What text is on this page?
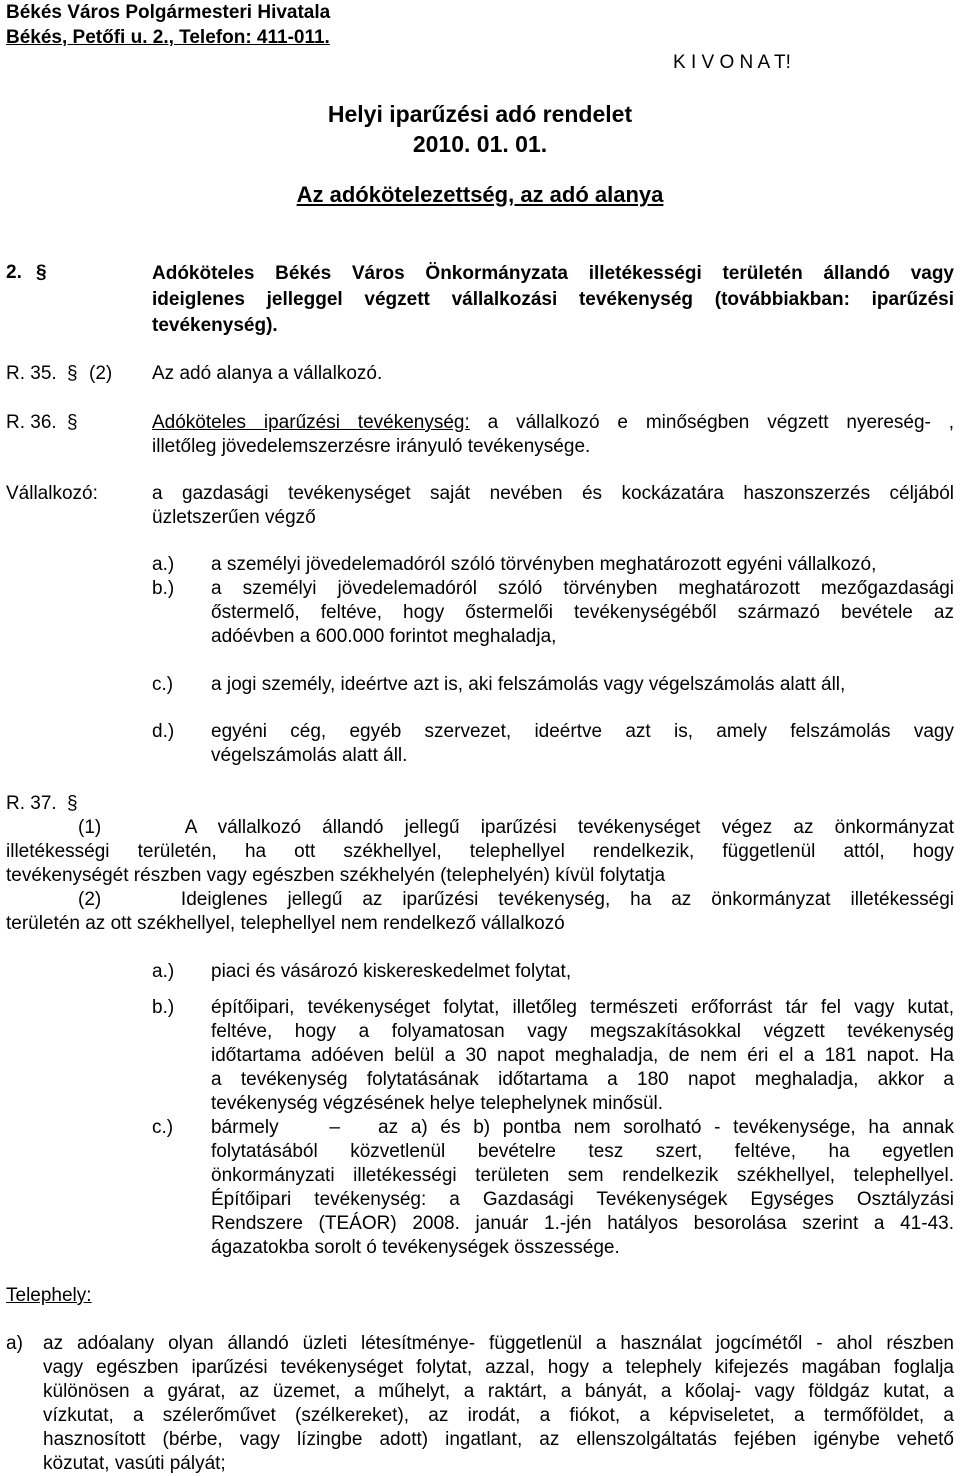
Békés Város Polgármesteri Hivatala
Békés, Petőfi u. 2., Telefon: 411-011.
K I V O N A T!
Helyi iparűzési adó rendelet
2010. 01. 01.
Az adókötelezettség, az adó alanya
2. §	Adóköteles Békés Város Önkormányzata illetékességi területén állandó vagy
ideiglenes jelleggel végzett vállalkozási tevékenység (továbbiakban: iparűzési
tevékenység).
R. 35. § (2) Az adó alanya a vállalkozó.
R. 36. §	Adóköteles iparűzési tevékenység: a vállalkozó e minőségben végzett nyereség- ,
illetőleg jövedelemszerzésre irányuló tevékenysége.
Vállalkozó:	a gazdasági tevékenységet saját nevében és kockázatára haszonszerzés céljából
üzletszerűen végző
a.) a személyi jövedelemadóról szóló törvényben meghatározott egyéni vállalkozó,
b.) a személyi jövedelemadóról szóló törvényben meghatározott mezőgazdasági
őstermelő, feltéve, hogy őstermelői tevékenységéből származó bevétele az
adóévben a 600.000 forintot meghaladja,
c.) a jogi személy, ideértve azt is, aki felszámolás vagy végelszámolás alatt áll,
d.) egyéni cég, egyéb szervezet, ideértve azt is, amely felszámolás vagy
végelszámolás alatt áll.
R. 37. §
(1)    A vállalkozó állandó jellegű iparűzési tevékenységet végez az önkormányzat
illetékességi területén, ha ott székhellyel, telephellyel rendelkezik, függetlenül attól, hogy
tevékenységét részben vagy egészben székhelyén (telephelyén) kívül folytatja
(2)    Ideiglenes jellegű az iparűzési tevékenység, ha az önkormányzat illetékességi
területén az ott székhellyel, telephellyel nem rendelkező vállalkozó
a.) piaci és vásározó kiskereskedelmet folytat,
b.) építőipari, tevékenységet folytat, illetőleg természeti erőforrást tár fel vagy kutat,
feltéve, hogy a folyamatosan vagy megszakításokkal végzett tevékenység
időtartama adóéven belül a 30 napot meghaladja, de nem éri el a 181 napot. Ha
a tevékenység folytatásának időtartama a 180 napot meghaladja, akkor a
tevékenység végzésének helye telephelynek minősül.
c.) bármely    –   az a) és b) pontba nem sorolható - tevékenysége, ha annak
folytatásából közvetlenül bevételre tesz szert, feltéve, ha egyetlen
önkormányzati illetékességi területen sem rendelkezik székhellyel, telephellyel.
Építőipari tevékenység: a Gazdasági Tevékenységek Egységes Osztályzási
Rendszere (TEÁOR) 2008. január 1.-jén hatályos besorolása szerint a 41-43.
ágazatokba sorolt ó tevékenységek összessége.
Telephely:
a) az adóalany olyan állandó üzleti létesítménye- függetlenül a használat jogcímétől - ahol részben
vagy egészben iparűzési tevékenységet folytat, azzal, hogy a telephely kifejezés magában foglalja
különösen a gyárat, az üzemet, a műhelyt, a raktárt, a bányát, a kőolaj- vagy földgáz kutat, a
vízkutat, a szélerőművet (szélkereket), az irodát, a fiókot, a képviseletet, a termőföldet, a
hasznosított (bérbe, vagy lízingbe adott) ingatlant, az ellenszolgáltatás fejében igénybe vehető
közutat, vasúti pályát;
